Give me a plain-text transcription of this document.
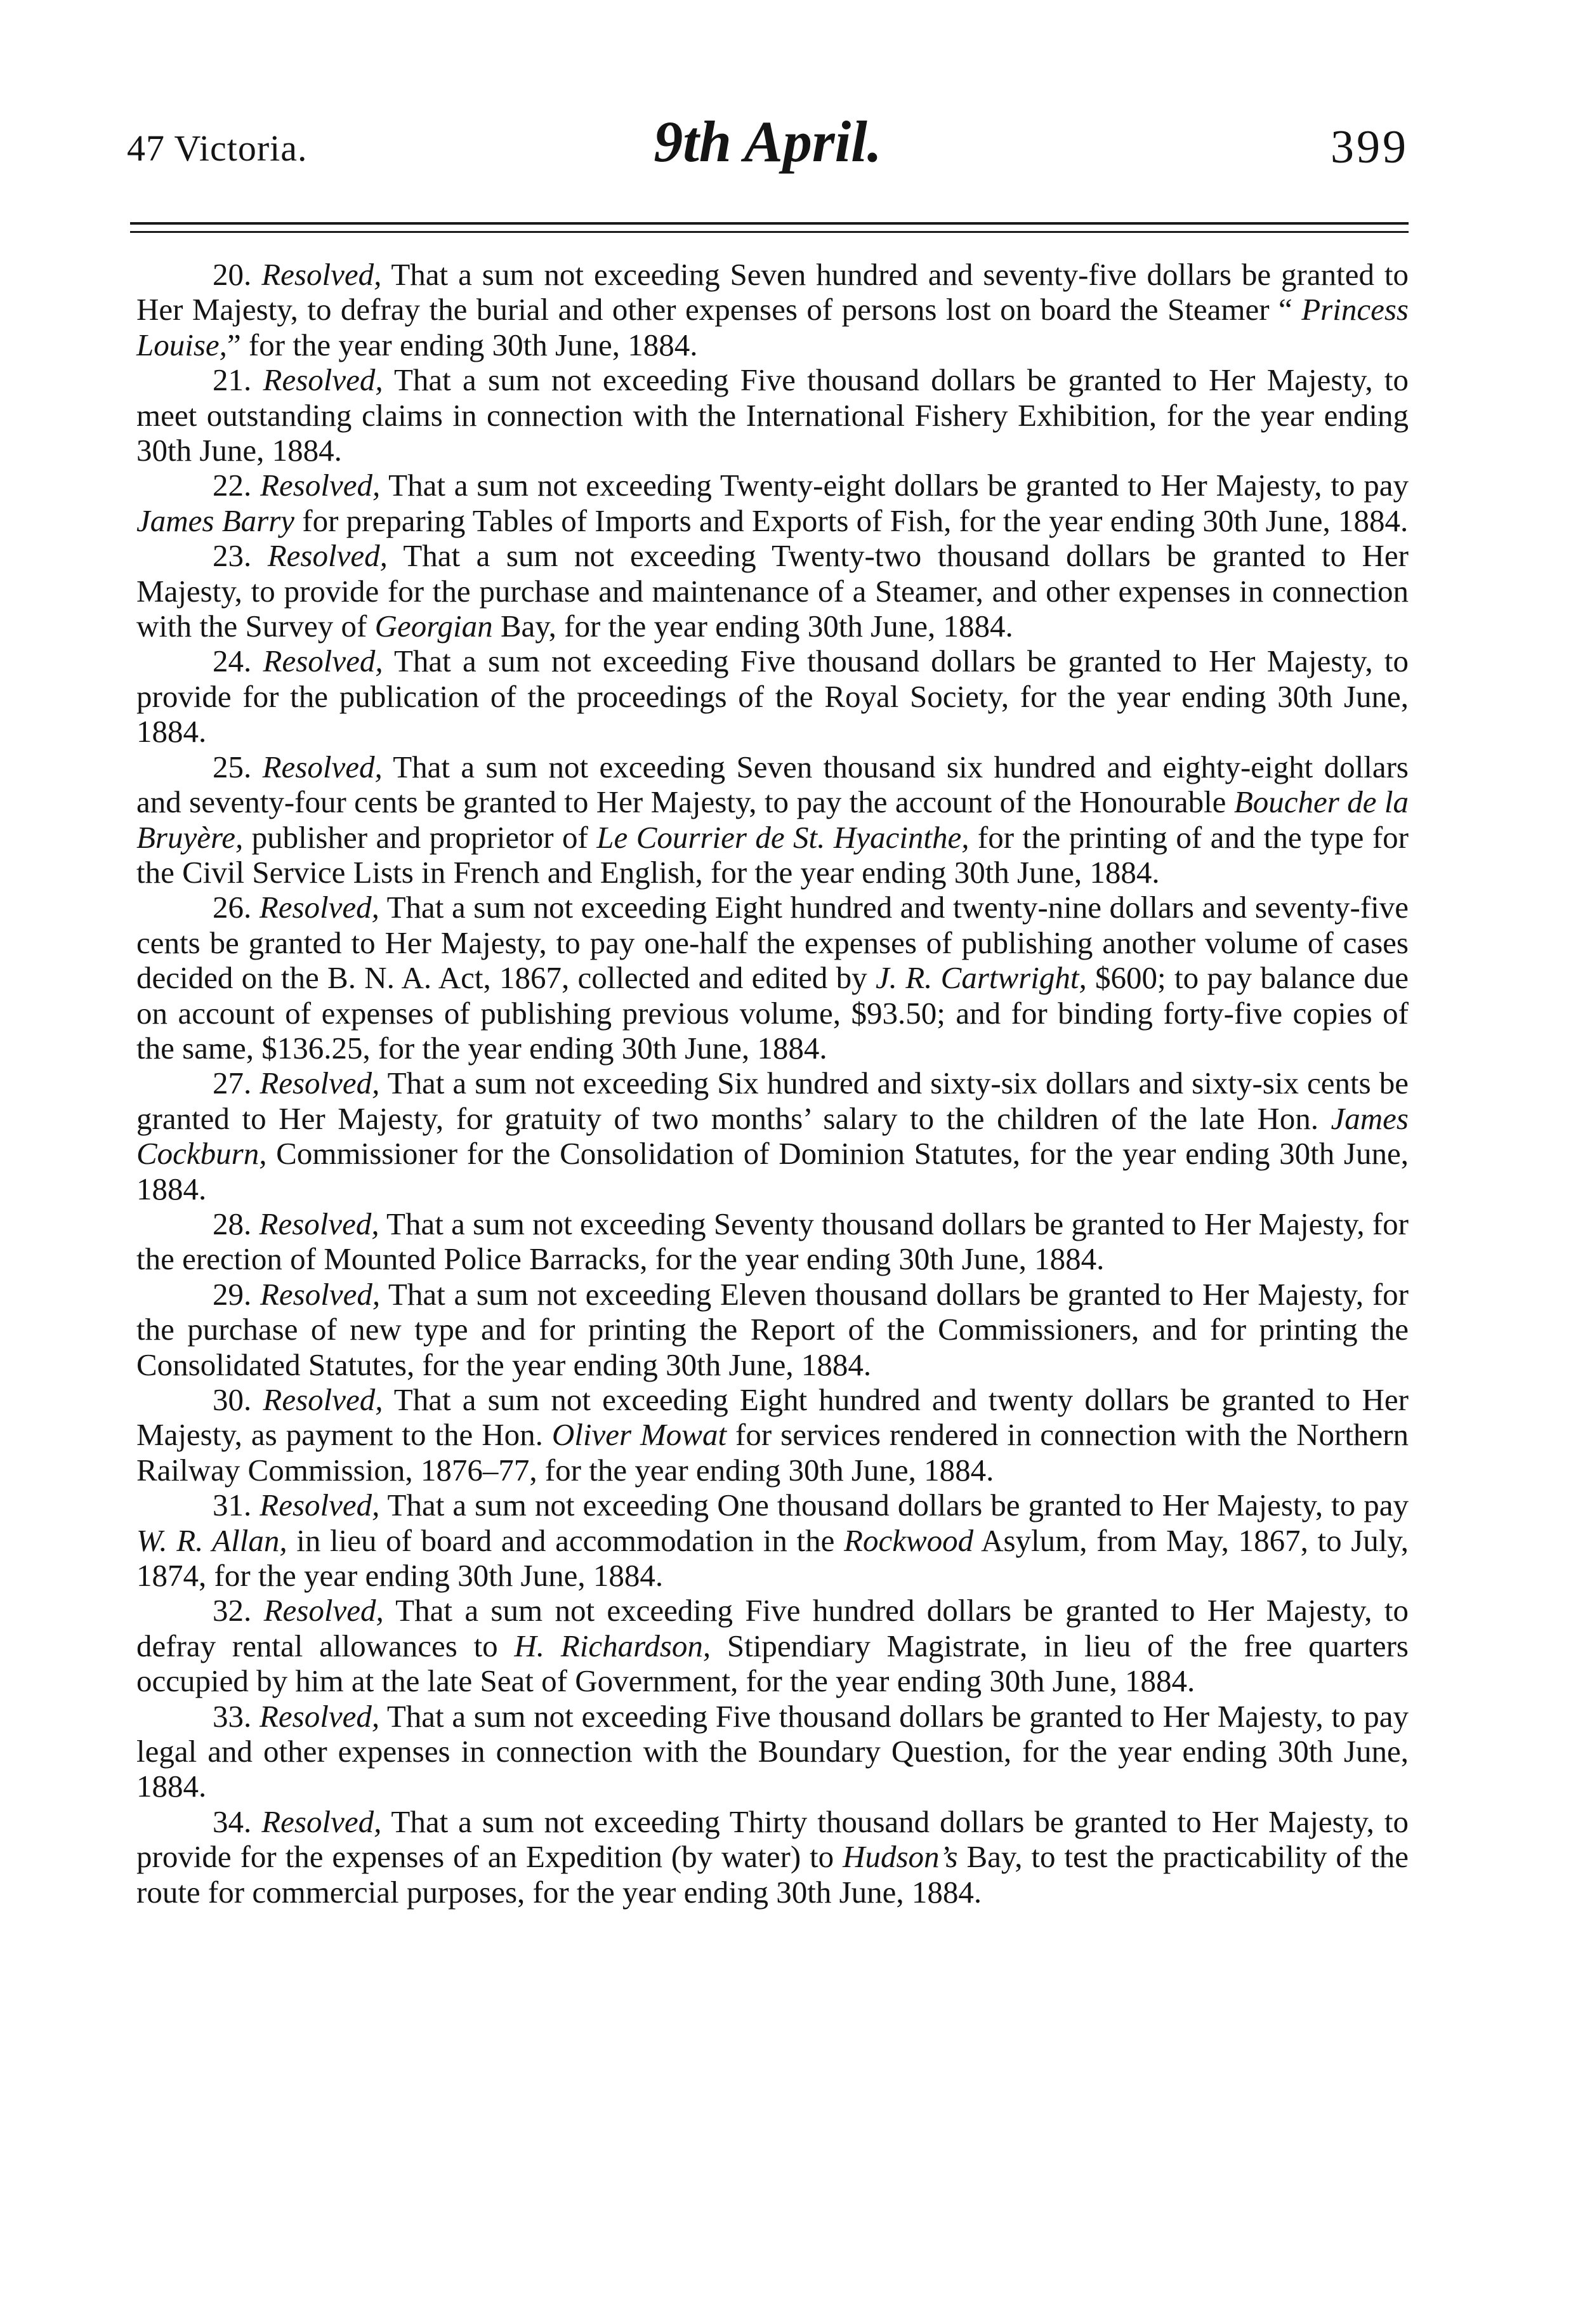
47 Victoria.	9th April.	399

20. Resolved, That a sum not exceeding Seven hundred and seventy-five dollars be granted to Her Majesty, to defray the burial and other expenses of persons lost on board the Steamer “ Princess Louise,” for the year ending 30th June, 1884.

21. Resolved, That a sum not exceeding Five thousand dollars be granted to Her Majesty, to meet outstanding claims in connection with the International Fishery Exhibition, for the year ending 30th June, 1884.

22. Resolved, That a sum not exceeding Twenty-eight dollars be granted to Her Majesty, to pay James Barry for preparing Tables of Imports and Exports of Fish, for the year ending 30th June, 1884.

23. Resolved, That a sum not exceeding Twenty-two thousand dollars be granted to Her Majesty, to provide for the purchase and maintenance of a Steamer, and other expenses in connection with the Survey of Georgian Bay, for the year ending 30th June, 1884.

24. Resolved, That a sum not exceeding Five thousand dollars be granted to Her Majesty, to provide for the publication of the proceedings of the Royal Society, for the year ending 30th June, 1884.

25. Resolved, That a sum not exceeding Seven thousand six hundred and eighty-eight dollars and seventy-four cents be granted to Her Majesty, to pay the account of the Honourable Boucher de la Bruyère, publisher and proprietor of Le Courrier de St. Hyacinthe, for the printing of and the type for the Civil Service Lists in French and English, for the year ending 30th June, 1884.

26. Resolved, That a sum not exceeding Eight hundred and twenty-nine dollars and seventy-five cents be granted to Her Majesty, to pay one-half the expenses of publishing another volume of cases decided on the B. N. A. Act, 1867, collected and edited by J. R. Cartwright, $600; to pay balance due on account of expenses of publishing previous volume, $93.50; and for binding forty-five copies of the same, $136.25, for the year ending 30th June, 1884.

27. Resolved, That a sum not exceeding Six hundred and sixty-six dollars and sixty-six cents be granted to Her Majesty, for gratuity of two months’ salary to the children of the late Hon. James Cockburn, Commissioner for the Consolidation of Dominion Statutes, for the year ending 30th June, 1884.

28. Resolved, That a sum not exceeding Seventy thousand dollars be granted to Her Majesty, for the erection of Mounted Police Barracks, for the year ending 30th June, 1884.

29. Resolved, That a sum not exceeding Eleven thousand dollars be granted to Her Majesty, for the purchase of new type and for printing the Report of the Commissioners, and for printing the Consolidated Statutes, for the year ending 30th June, 1884.

30. Resolved, That a sum not exceeding Eight hundred and twenty dollars be granted to Her Majesty, as payment to the Hon. Oliver Mowat for services rendered in connection with the Northern Railway Commission, 1876–77, for the year ending 30th June, 1884.

31. Resolved, That a sum not exceeding One thousand dollars be granted to Her Majesty, to pay W. R. Allan, in lieu of board and accommodation in the Rockwood Asylum, from May, 1867, to July, 1874, for the year ending 30th June, 1884.

32. Resolved, That a sum not exceeding Five hundred dollars be granted to Her Majesty, to defray rental allowances to H. Richardson, Stipendiary Magistrate, in lieu of the free quarters occupied by him at the late Seat of Government, for the year ending 30th June, 1884.

33. Resolved, That a sum not exceeding Five thousand dollars be granted to Her Majesty, to pay legal and other expenses in connection with the Boundary Question, for the year ending 30th June, 1884.

34. Resolved, That a sum not exceeding Thirty thousand dollars be granted to Her Majesty, to provide for the expenses of an Expedition (by water) to Hudson’s Bay, to test the practicability of the route for commercial purposes, for the year ending 30th June, 1884.
